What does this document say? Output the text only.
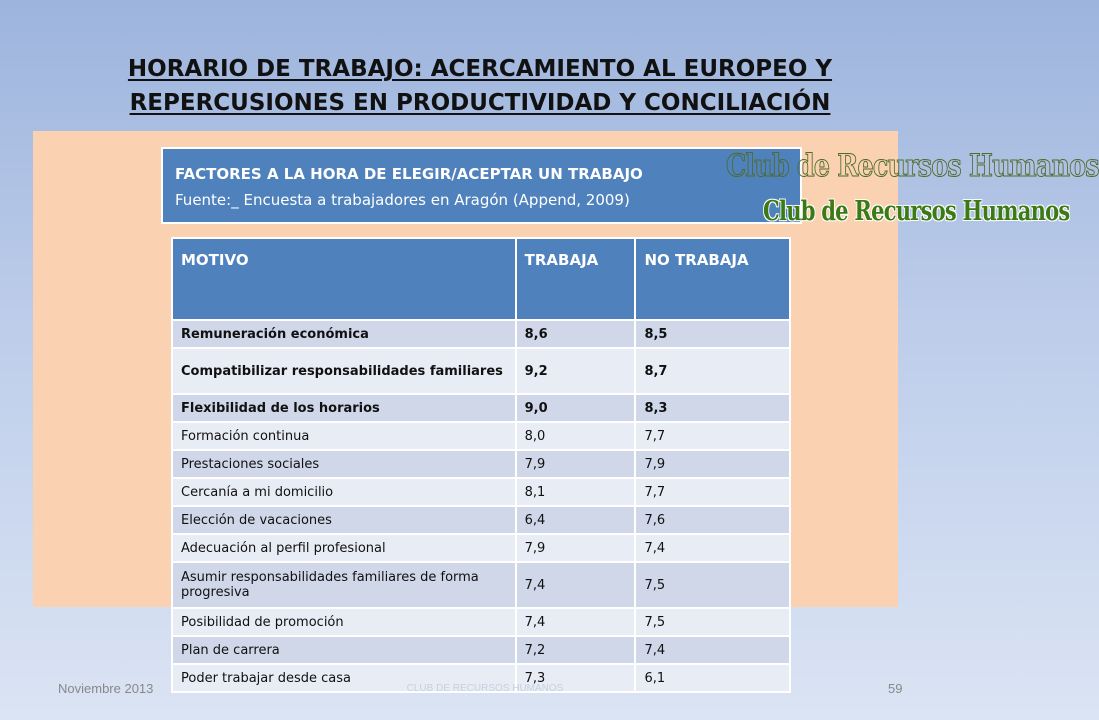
HORARIO DE TRABAJO: ACERCAMIENTO AL EUROPEO Y
REPERCUSIONES EN PRODUCTIVIDAD Y CONCILIACIÓN
FACTORES A LA HORA DE ELEGIR/ACEPTAR UN TRABAJO
Fuente:_ Encuesta a trabajadores en Aragón (Append, 2009)
Club de Recursos Humanos
Club de Recursos Humanos
MOTIVO	TRABAJA	NO TRABAJA
Remuneración económica	8,6	8,5
Compatibilizar responsabilidades familiares	9,2	8,7
Flexibilidad de los horarios	9,0	8,3
Formación continua	8,0	7,7
Prestaciones sociales	7,9	7,9
Cercanía a mi domicilio	8,1	7,7
Elección de vacaciones	6,4	7,6
Adecuación al perfil profesional	7,9	7,4
Asumir responsabilidades familiares de forma progresiva	7,4	7,5
Posibilidad de promoción	7,4	7,5
Plan de carrera	7,2	7,4
Poder trabajar desde casa	7,3	6,1
Noviembre 2013	CLUB DE RECURSOS HUMANOS	59
